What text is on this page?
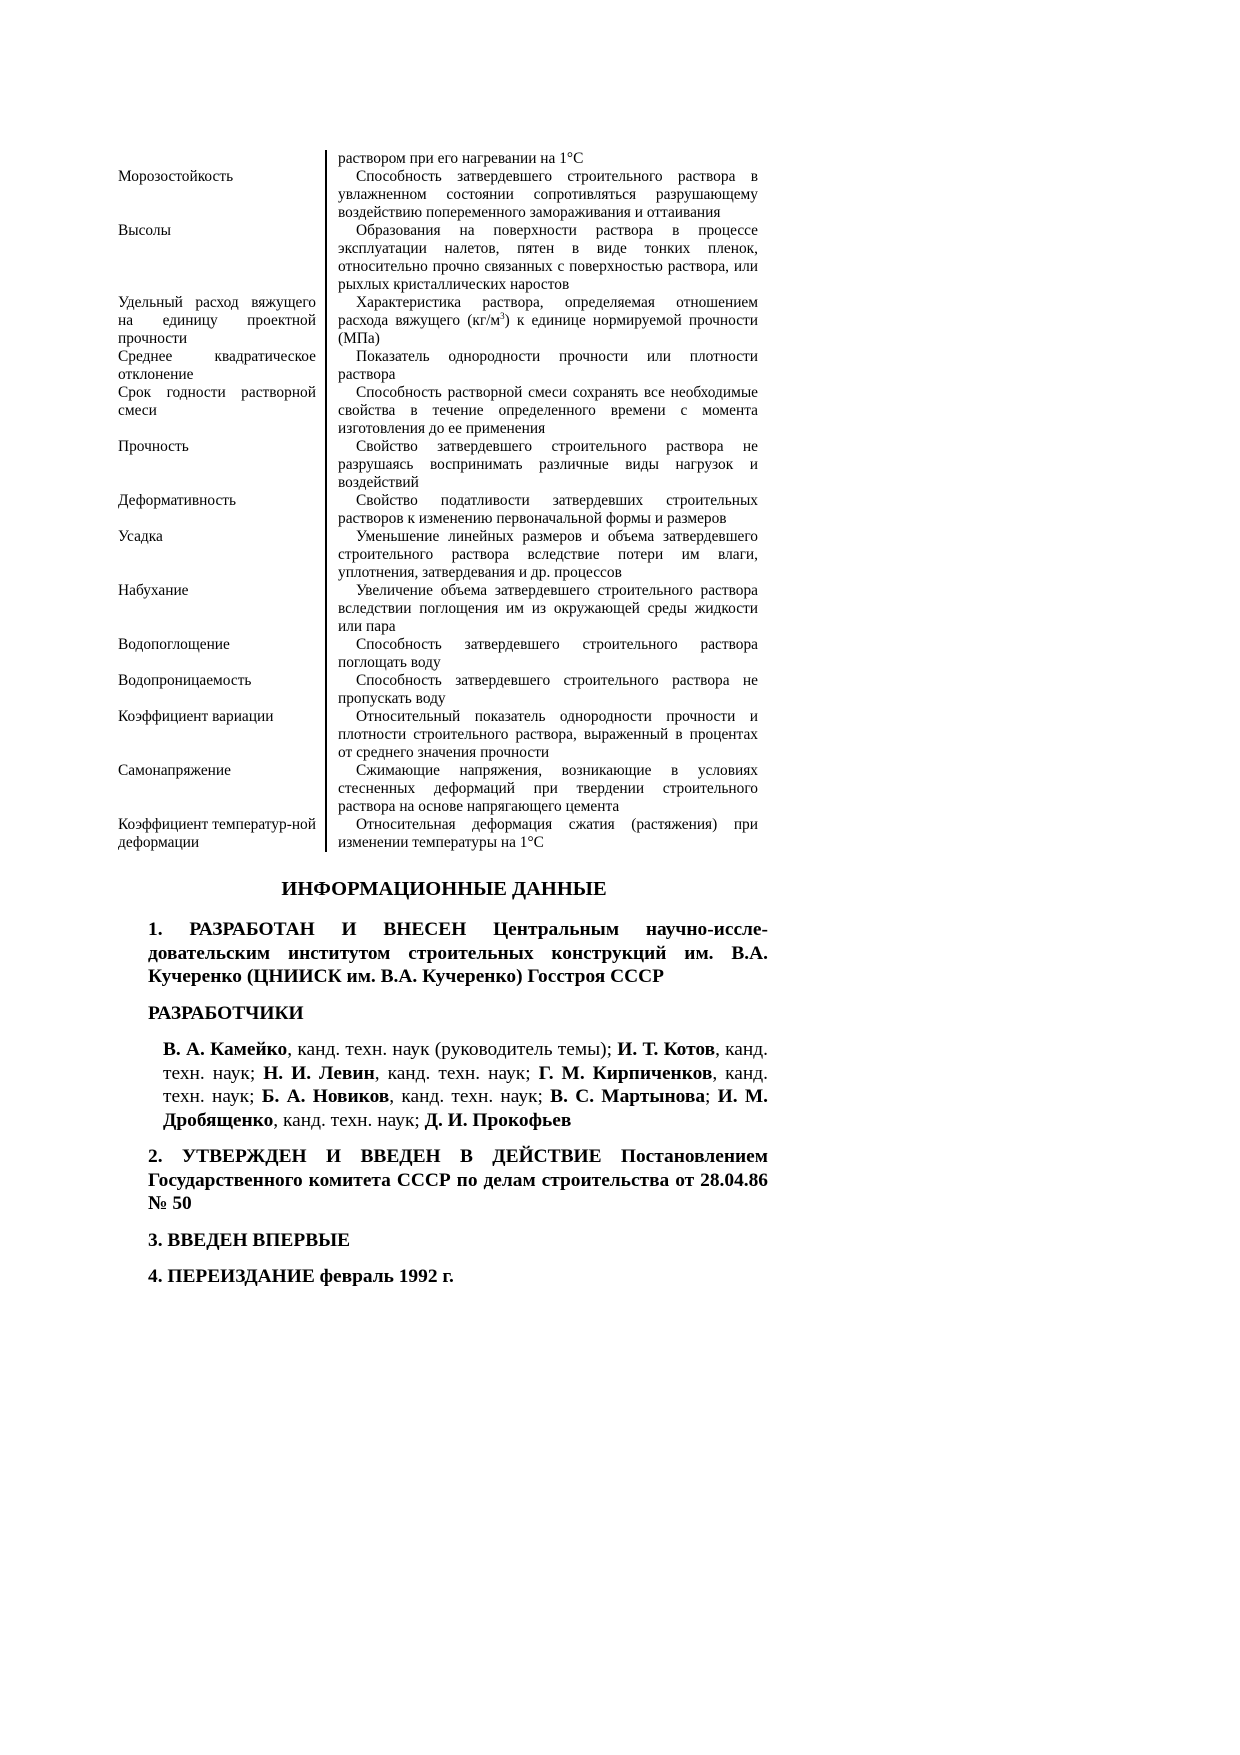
	раствором при его нагревании на 1°С
Морозостойкость	Способность затвердевшего строительного раствора в увлажненном состоянии сопротивляться разрушающему воздействию попеременного замораживания и оттаивания
Высолы	Образования на поверхности раствора в процессе эксплуатации налетов, пятен в виде тонких пленок, относительно прочно связанных с поверхностью раствора, или рыхлых кристаллических наростов
Удельный расход вяжущего на единицу проектной прочности	Характеристика раствора, определяемая отношением расхода вяжущего $(кг/м^3)$ к единице нормируемой прочности (МПа)
Среднее квадратическое отклонение	Показатель однородности прочности или плотности раствора
Срок годности растворной смеси	Способность растворной смеси сохранять все необходимые свойства в течение определенного времени с момента изготовления до ее применения
Прочность	Свойство затвердевшего строительного раствора не разрушаясь воспринимать различные виды нагрузок и воздействий
Деформативность	Свойство податливости затвердевших строительных растворов к изменению первоначальной формы и размеров
Усадка	Уменьшение линейных размеров и объема затвердевшего строительного раствора вследствие потери им влаги, уплотнения, затвердевания и др. процессов
Набухание	Увеличение объема затвердевшего строительного раствора вследствии поглощения им из окружающей среды жидкости или пара
Водопоглощение	Способность затвердевшего строительного раствора поглощать воду
Водопроницаемость	Способность затвердевшего строительного раствора не пропускать воду
Коэффициент вариации	Относительный показатель однородности прочности и плотности строительного раствора, выраженный в процентах от среднего значения прочности
Самонапряжение	Сжимающие напряжения, возникающие в условиях стесненных деформаций при твердении строительного раствора на основе напрягающего цемента
Коэффициент температур-ной деформации	Относительная деформация сжатия (растяжения) при изменении температуры на 1°С
ИНФОРМАЦИОННЫЕ ДАННЫЕ

1. РАЗРАБОТАН И ВНЕСЕН Центральным научно-иссле-довательским институтом строительных конструкций им. В.А. Кучеренко (ЦНИИСК им. В.А. Кучеренко) Госстроя СССР

РАЗРАБОТЧИКИ

В. А. Камейко, канд. техн. наук (руководитель темы); И. Т. Котов, канд. техн. наук; Н. И. Левин, канд. техн. наук; Г. М. Кирпиченков, канд. техн. наук; Б. А. Новиков, канд. техн. наук; В. С. Мартынова; И. М. Дробященко, канд. техн. наук; Д. И. Прокофьев

2. УТВЕРЖДЕН И ВВЕДЕН В ДЕЙСТВИЕ Постановлением Государственного комитета СССР по делам строительства от 28.04.86 № 50

3. ВВЕДЕН ВПЕРВЫЕ

4. ПЕРЕИЗДАНИЕ февраль 1992 г.
